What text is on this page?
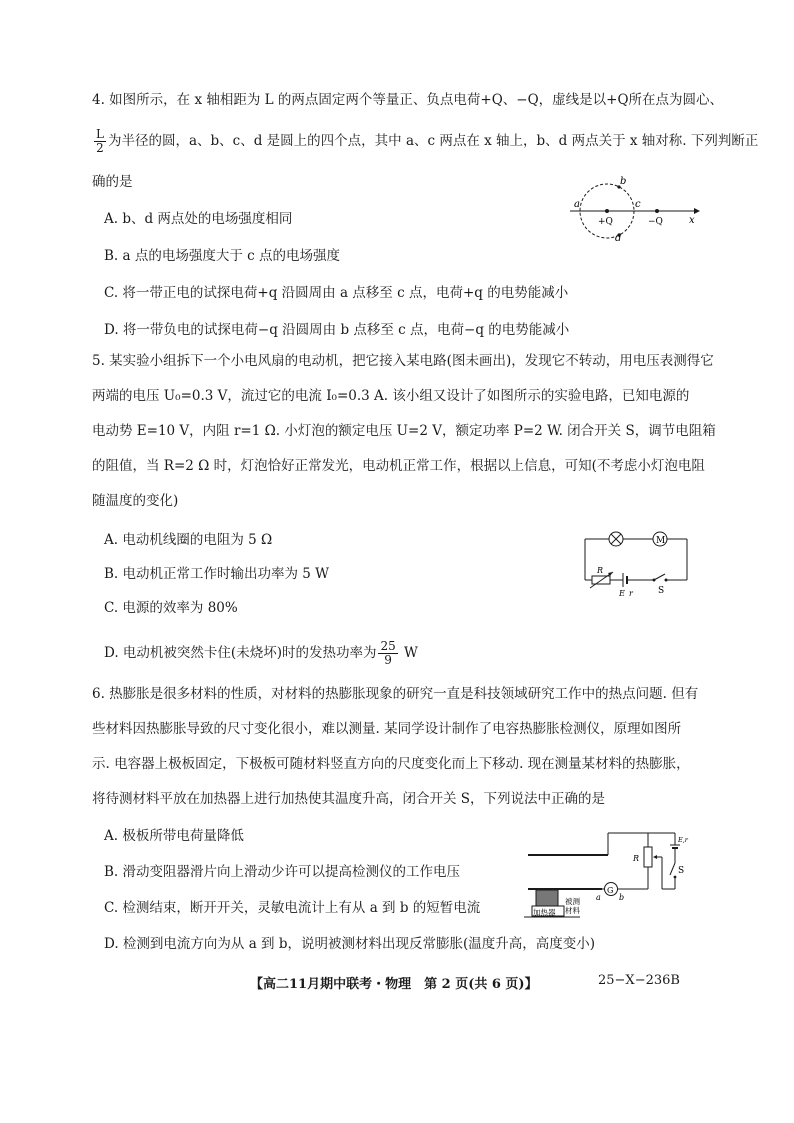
4. 如图所示，在 x 轴相距为 L 的两点固定两个等量正、负点电荷+Q、−Q，虚线是以+Q所在点为圆心、
$\frac{L}{2}$ 为半径的圆，a、b、c、d 是圆上的四个点，其中 a、c 两点在 x 轴上，b、d 两点关于 x 轴对称. 下列判断正
确的是
A. b、d 两点处的电场强度相同
B. a 点的电场强度大于 c 点的电场强度
C. 将一带正电的试探电荷+q 沿圆周由 a 点移至 c 点，电荷+q 的电势能减小
D. 将一带负电的试探电荷−q 沿圆周由 b 点移至 c 点，电荷−q 的电势能减小
a
b
c
d
+Q	−Q	x
5. 某实验小组拆下一个小电风扇的电动机，把它接入某电路(图未画出)，发现它不转动，用电压表测得它
两端的电压 U₀=0.3 V，流过它的电流 I₀=0.3 A. 该小组又设计了如图所示的实验电路，已知电源的
电动势 E=10 V，内阻 r=1 Ω. 小灯泡的额定电压 U=2 V，额定功率 P=2 W. 闭合开关 S，调节电阻箱
的阻值，当 R=2 Ω 时，灯泡恰好正常发光，电动机正常工作，根据以上信息，可知(不考虑小灯泡电阻
随温度的变化)
A. 电动机线圈的电阻为 5 Ω
B. 电动机正常工作时输出功率为 5 W
C. 电源的效率为 80%
D. 电动机被突然卡住(未烧坏)时的发热功率为 $\frac{25}{9}$ W
M
R
E r	S
6. 热膨胀是很多材料的性质，对材料的热膨胀现象的研究一直是科技领域研究工作中的热点问题. 但有
些材料因热膨胀导致的尺寸变化很小，难以测量. 某同学设计制作了电容热膨胀检测仪，原理如图所
示. 电容器上极板固定，下极板可随材料竖直方向的尺度变化而上下移动. 现在测量某材料的热膨胀，
将待测材料平放在加热器上进行加热使其温度升高，闭合开关 S，下列说法中正确的是
A. 极板所带电荷量降低
B. 滑动变阻器滑片向上滑动少许可以提高检测仪的工作电压
C. 检测结束，断开开关，灵敏电流计上有从 a 到 b 的短暂电流
D. 检测到电流方向为从 a 到 b，说明被测材料出现反常膨胀(温度升高，高度变小)
加热器
被测
材料
G
a b
R
E,r
S
【高二11月期中联考・物理　第 2 页(共 6 页)】	25−X−236B
